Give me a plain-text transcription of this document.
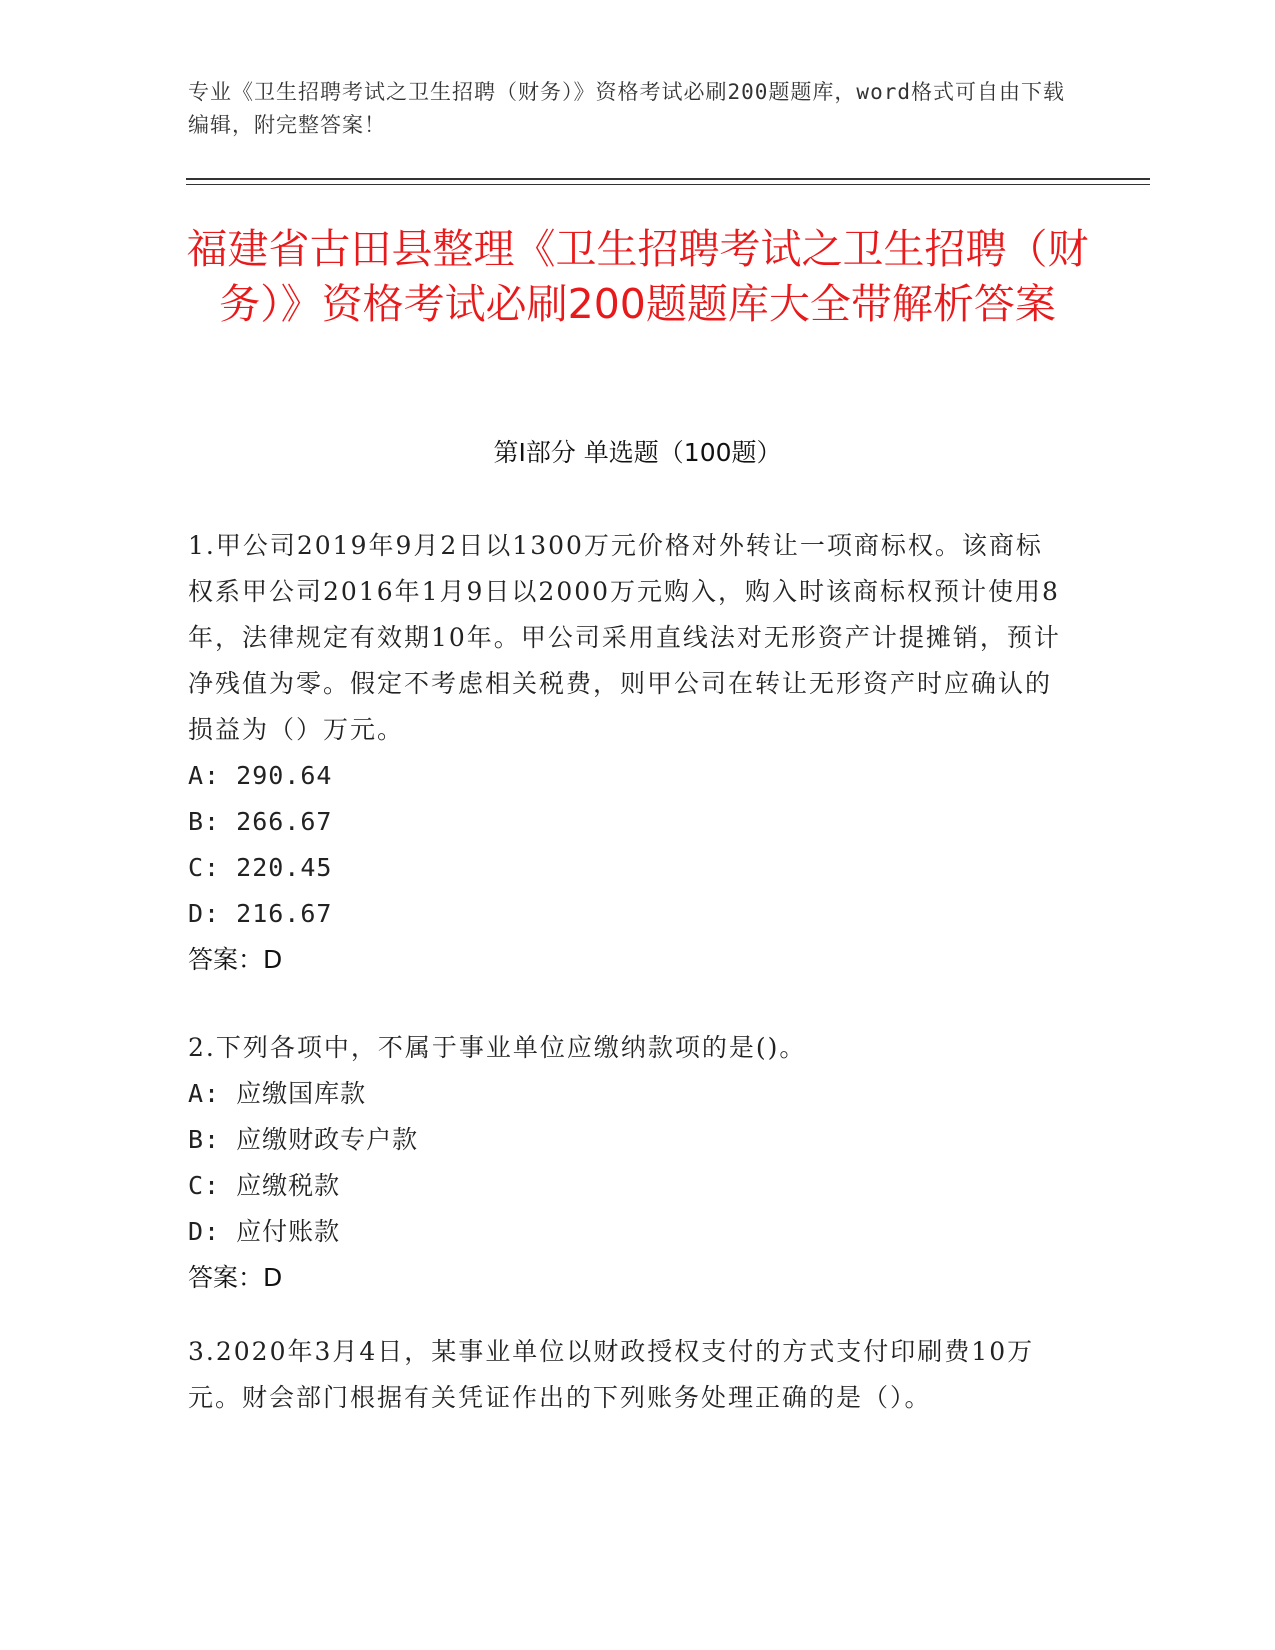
专业《卫生招聘考试之卫生招聘（财务）》资格考试必刷200题题库，word格式可自由下载编辑，附完整答案！
福建省古田县整理《卫生招聘考试之卫生招聘（财务）》资格考试必刷200题题库大全带解析答案
第I部分 单选题（100题）

1.甲公司2019年9月2日以1300万元价格对外转让一项商标权。该商标权系甲公司2016年1月9日以2000万元购入，购入时该商标权预计使用8年，法律规定有效期10年。甲公司采用直线法对无形资产计提摊销，预计净残值为零。假定不考虑相关税费，则甲公司在转让无形资产时应确认的损益为（）万元。

A: 290.64

B: 266.67

C: 220.45

D: 216.67

答案：D

2.下列各项中，不属于事业单位应缴纳款项的是()。

A: 应缴国库款

B: 应缴财政专户款

C: 应缴税款

D: 应付账款

答案：D

3.2020年3月4日，某事业单位以财政授权支付的方式支付印刷费10万元。财会部门根据有关凭证作出的下列账务处理正确的是（）。
